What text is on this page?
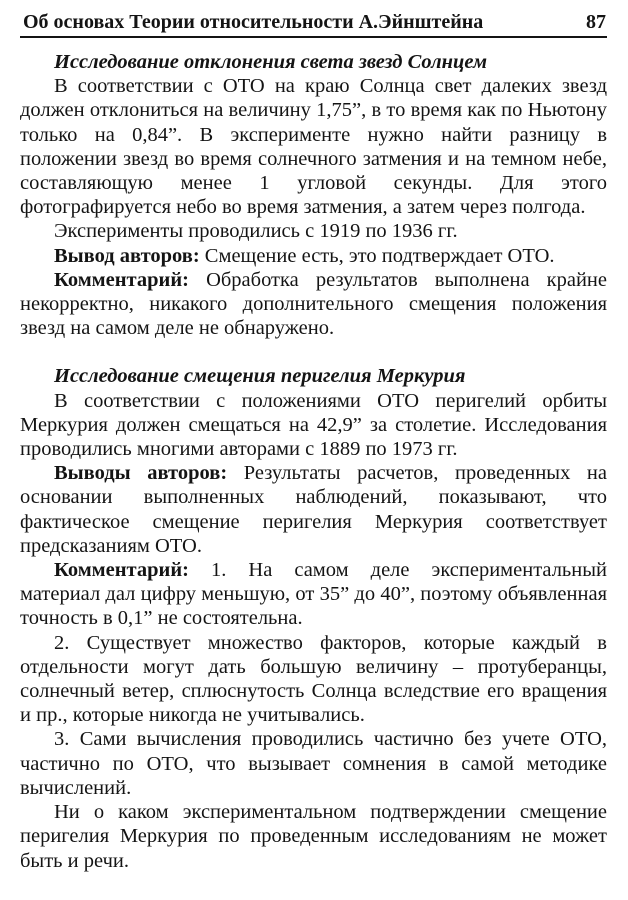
Об основах Теории относительности А.Эйнштейна	87

Исследование отклонения света звезд Солнцем

В соответствии с ОТО на краю Солнца свет далеких звезд должен отклониться на величину 1,75”, в то время как по Ньютону только на 0,84”. В эксперименте нужно найти разницу в положении звезд во время солнечного затмения и на темном небе, составляющую менее 1 угловой секунды. Для этого фотографируется небо во время затмения, а затем через полгода.

Эксперименты проводились с 1919 по 1936 гг.

Вывод авторов: Смещение есть, это подтверждает ОТО.

Комментарий: Обработка результатов выполнена крайне некорректно, никакого дополнительного смещения положения звезд на самом деле не обнаружено.

Исследование смещения перигелия Меркурия

В соответствии с положениями ОТО перигелий орбиты Меркурия должен смещаться на 42,9” за столетие. Исследования проводились многими авторами с 1889 по 1973 гг.

Выводы авторов: Результаты расчетов, проведенных на основании выполненных наблюдений, показывают, что фактическое смещение перигелия Меркурия соответствует предсказаниям ОТО.

Комментарий: 1. На самом деле экспериментальный материал дал цифру меньшую, от 35” до 40”, поэтому объявленная точность в 0,1” не состоятельна.

2. Существует множество факторов, которые каждый в отдельности могут дать большую величину – протуберанцы, солнечный ветер, сплюснутость Солнца вследствие его вращения и пр., которые никогда не учитывались.

3. Сами вычисления проводились частично без учете ОТО, частично по ОТО, что вызывает сомнения в самой методике вычислений.

Ни о каком экспериментальном подтверждении смещение перигелия Меркурия по проведенным исследованиям не может быть и речи.
